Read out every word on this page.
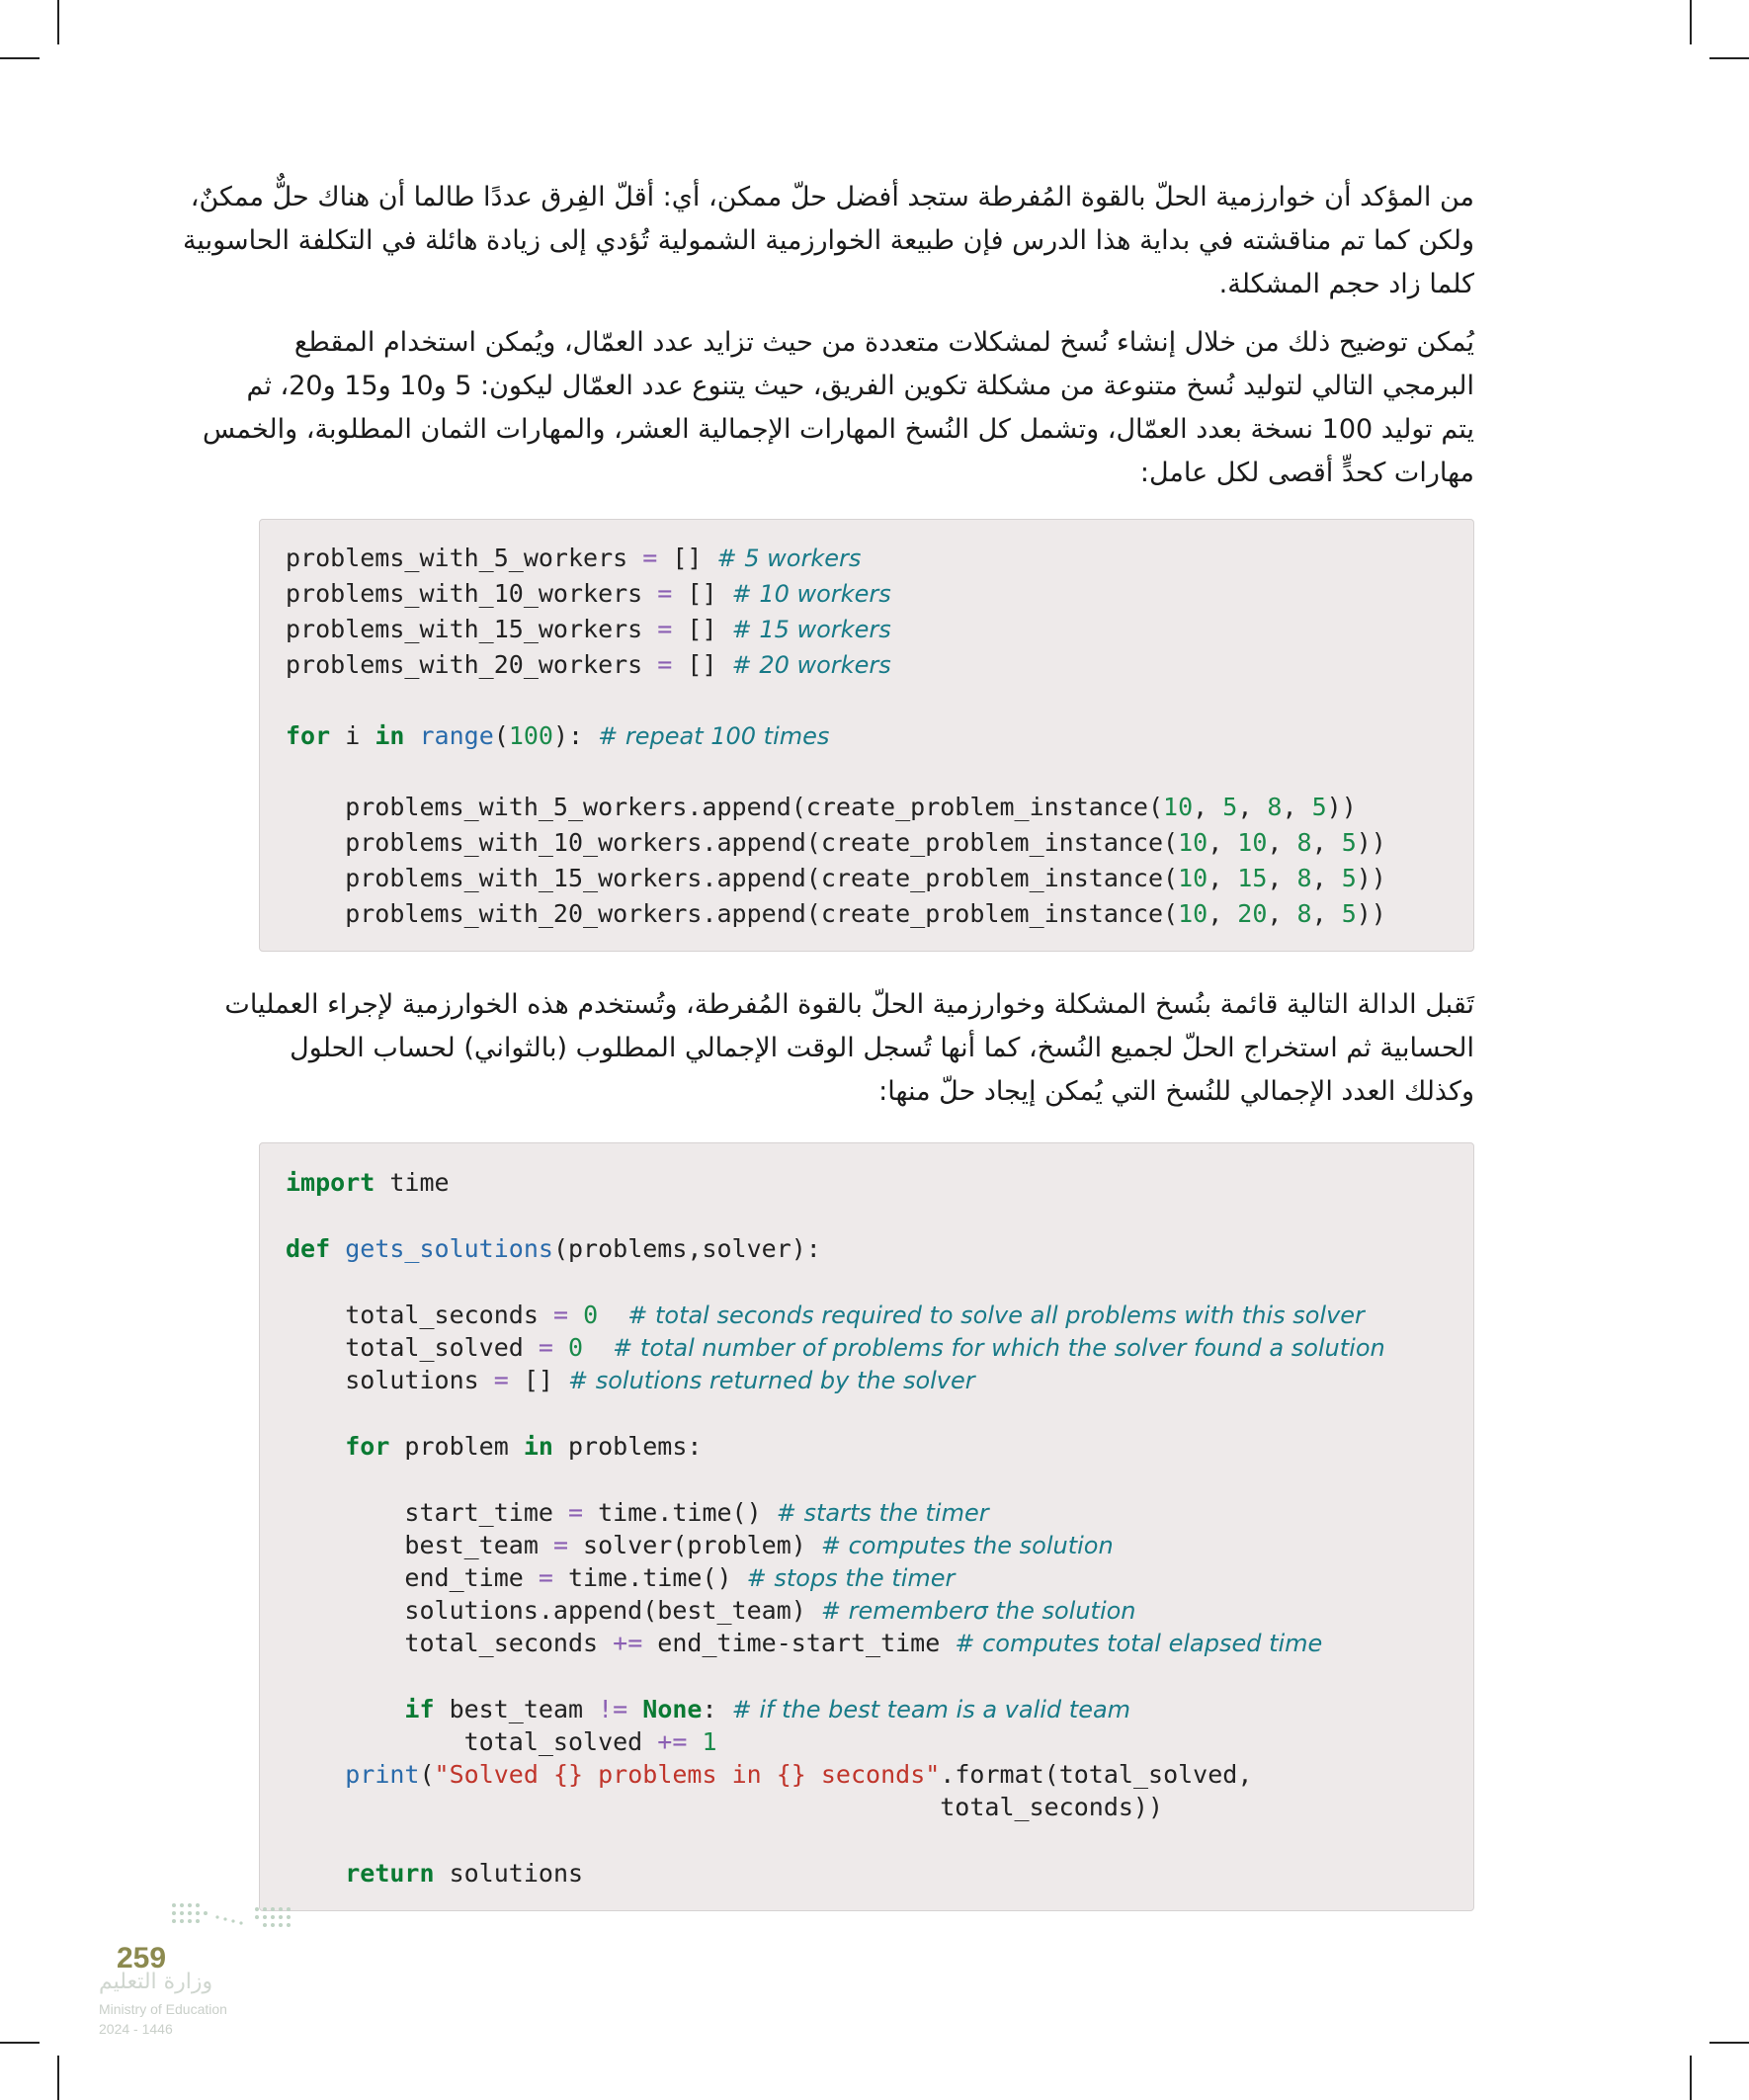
من المؤكد أن خوارزمية الحلّ بالقوة المُفرطة ستجد أفضل حلّ ممكن، أي: أقلّ الفِرق عددًا طالما أن هناك حلٌّ ممكنٌ،
ولكن كما تم مناقشته في بداية هذا الدرس فإن طبيعة الخوارزمية الشمولية تُؤدي إلى زيادة هائلة في التكلفة الحاسوبية
كلما زاد حجم المشكلة.
يُمكن توضيح ذلك من خلال إنشاء نُسخ لمشكلات متعددة من حيث تزايد عدد العمّال، ويُمكن استخدام المقطع
البرمجي التالي لتوليد نُسخ متنوعة من مشكلة تكوين الفريق، حيث يتنوع عدد العمّال ليكون: 5 و10 و15 و20، ثم
يتم توليد 100 نسخة بعدد العمّال، وتشمل كل النُسخ المهارات الإجمالية العشر، والمهارات الثمان المطلوبة، والخمس
مهارات كحدٍّ أقصى لكل عامل:
problems_with_5_workers = [] # 5 workers
problems_with_10_workers = [] # 10 workers
problems_with_15_workers = [] # 15 workers
problems_with_20_workers = [] # 20 workers
for i in range(100): # repeat 100 times
problems_with_5_workers.append(create_problem_instance(10, 5, 8, 5))
problems_with_10_workers.append(create_problem_instance(10, 10, 8, 5))
problems_with_15_workers.append(create_problem_instance(10, 15, 8, 5))
problems_with_20_workers.append(create_problem_instance(10, 20, 8, 5))
تَقبل الدالة التالية قائمة بنُسخ المشكلة وخوارزمية الحلّ بالقوة المُفرطة، وتُستخدم هذه الخوارزمية لإجراء العمليات
الحسابية ثم استخراج الحلّ لجميع النُسخ، كما أنها تُسجل الوقت الإجمالي المطلوب (بالثواني) لحساب الحلول
وكذلك العدد الإجمالي للنُسخ التي يُمكن إيجاد حلّ منها:
import time
def gets_solutions(problems,solver):
total_seconds = 0 # total seconds required to solve all problems with this solver
total_solved = 0 # total number of problems for which the solver found a solution
solutions = [] # solutions returned by the solver
for problem in problems:
start_time = time.time() # starts the timer
best_team = solver(problem) # computes the solution
end_time = time.time() # stops the timer
solutions.append(best_team) # rememberσ the solution
total_seconds += end_time-start_time # computes total elapsed time
if best_team != None: # if the best team is a valid team
total_solved += 1
print("Solved {} problems in {} seconds".format(total_solved,
total_seconds))
return solutions
259
وزارة التعليم
Ministry of Education
2024 - 1446
